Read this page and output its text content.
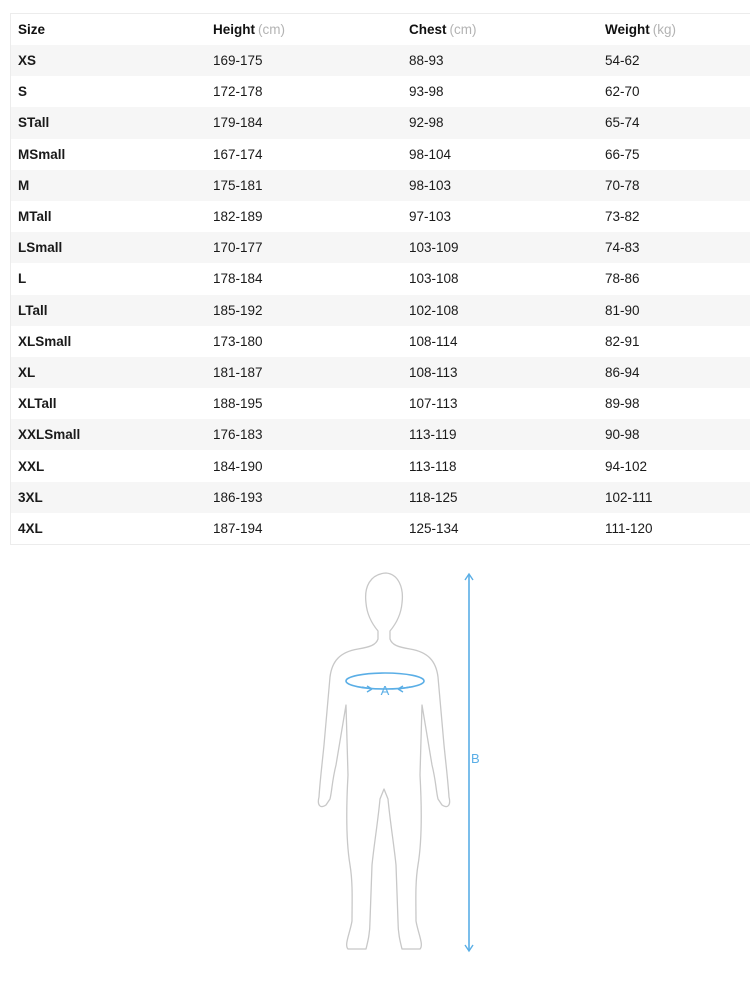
Size	Height (cm)	Chest (cm)	Weight (kg)
XS	169-175	88-93	54-62
S	172-178	93-98	62-70
STall	179-184	92-98	65-74
MSmall	167-174	98-104	66-75
M	175-181	98-103	70-78
MTall	182-189	97-103	73-82
LSmall	170-177	103-109	74-83
L	178-184	103-108	78-86
LTall	185-192	102-108	81-90
XLSmall	173-180	108-114	82-91
XL	181-187	108-113	86-94
XLTall	188-195	107-113	89-98
XXLSmall	176-183	113-119	90-98
XXL	184-190	113-118	94-102
3XL	186-193	118-125	102-111
4XL	187-194	125-134	111-120
A
B
